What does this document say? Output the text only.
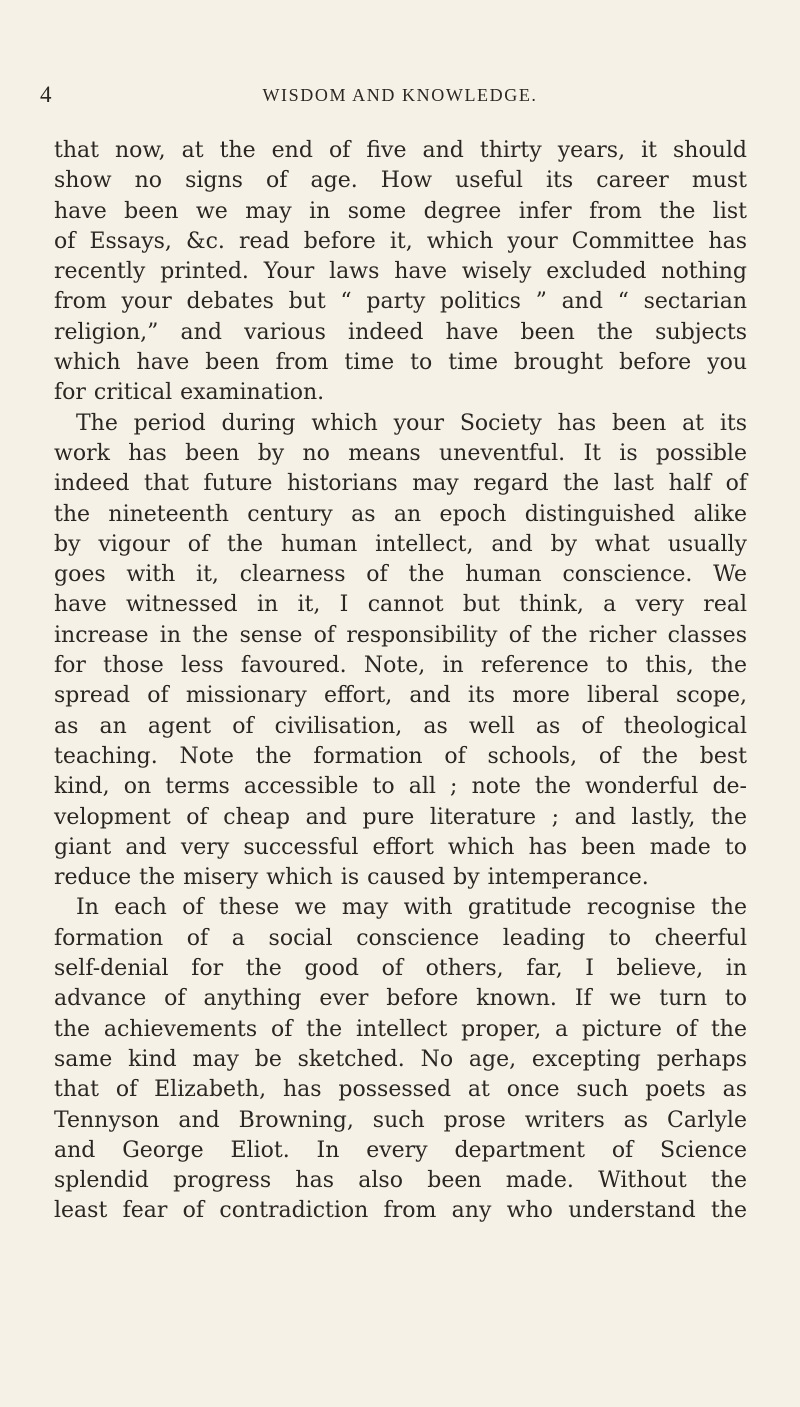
4	WISDOM AND KNOWLEDGE.
that now, at the end of five and thirty years, it should
show no signs of age. How useful its career must
have been we may in some degree infer from the list
of Essays, &c. read before it, which your Committee has
recently printed. Your laws have wisely excluded nothing
from your debates but “ party politics ” and “ sectarian
religion,” and various indeed have been the subjects
which have been from time to time brought before you
for critical examination.
The period during which your Society has been at its
work has been by no means uneventful. It is possible
indeed that future historians may regard the last half of
the nineteenth century as an epoch distinguished alike
by vigour of the human intellect, and by what usually
goes with it, clearness of the human conscience. We
have witnessed in it, I cannot but think, a very real
increase in the sense of responsibility of the richer classes
for those less favoured. Note, in reference to this, the
spread of missionary effort, and its more liberal scope,
as an agent of civilisation, as well as of theological
teaching. Note the formation of schools, of the best
kind, on terms accessible to all ; note the wonderful de-
velopment of cheap and pure literature ; and lastly, the
giant and very successful effort which has been made to
reduce the misery which is caused by intemperance.
In each of these we may with gratitude recognise the
formation of a social conscience leading to cheerful
self-denial for the good of others, far, I believe, in
advance of anything ever before known. If we turn to
the achievements of the intellect proper, a picture of the
same kind may be sketched. No age, excepting perhaps
that of Elizabeth, has possessed at once such poets as
Tennyson and Browning, such prose writers as Carlyle
and George Eliot. In every department of Science
splendid progress has also been made. Without the
least fear of contradiction from any who understand the
